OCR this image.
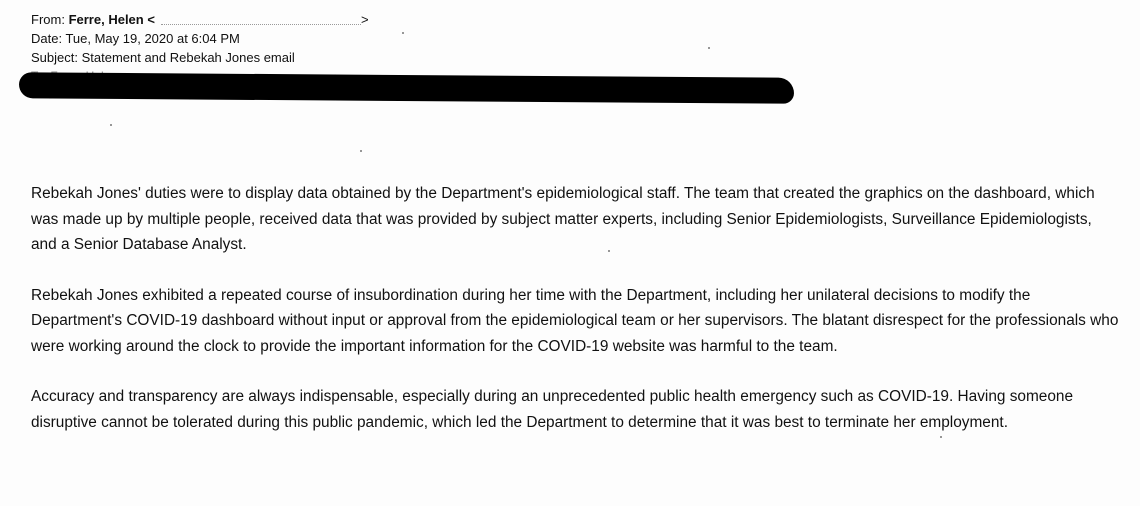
From: Ferre, Helen <	>
Date: Tue, May 19, 2020 at 6:04 PM
Subject: Statement and Rebekah Jones email
>

Rebekah Jones' duties were to display data obtained by the Department's epidemiological staff. The team that created the graphics on the dashboard, which was made up by multiple people, received data that was provided by subject matter experts, including Senior Epidemiologists, Surveillance Epidemiologists, and a Senior Database Analyst.

Rebekah Jones exhibited a repeated course of insubordination during her time with the Department, including her unilateral decisions to modify the Department's COVID-19 dashboard without input or approval from the epidemiological team or her supervisors. The blatant disrespect for the professionals who were working around the clock to provide the important information for the COVID-19 website was harmful to the team.

Accuracy and transparency are always indispensable, especially during an unprecedented public health emergency such as COVID-19. Having someone disruptive cannot be tolerated during this public pandemic, which led the Department to determine that it was best to terminate her employment.
